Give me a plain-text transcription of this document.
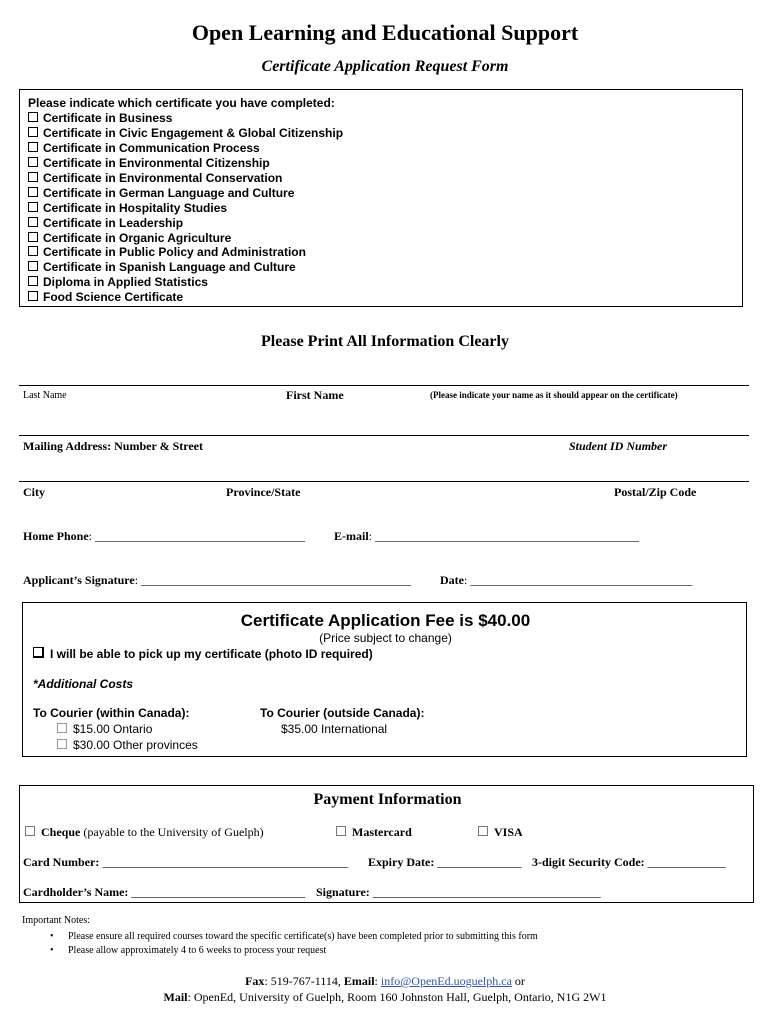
Open Learning and Educational Support
Certificate Application Request Form
Please indicate which certificate you have completed:
Certificate in Business
Certificate in Civic Engagement & Global Citizenship
Certificate in Communication Process
Certificate in Environmental Citizenship
Certificate in Environmental Conservation
Certificate in German Language and Culture
Certificate in Hospitality Studies
Certificate in Leadership
Certificate in Organic Agriculture
Certificate in Public Policy and Administration
Certificate in Spanish Language and Culture
Diploma in Applied Statistics
Food Science Certificate
Please Print All Information Clearly
Last Name	First Name	(Please indicate your name as it should appear on the certificate)
Mailing Address: Number & Street	Student ID Number
City	Province/State	Postal/Zip Code
Home Phone: ___________________________________ E-mail: ____________________________________________
Applicant’s Signature: _____________________________________________ Date: _____________________________________
Certificate Application Fee is $40.00
(Price subject to change)
I will be able to pick up my certificate (photo ID required)
*Additional Costs
To Courier (within Canada):
$15.00 Ontario
$30.00 Other provinces
To Courier (outside Canada):
$35.00 International
Payment Information
Cheque (payable to the University of Guelph)	Mastercard	VISA
Card Number: _________________________________________ Expiry Date: ______________ 3-digit Security Code: _____________
Cardholder’s Name: _____________________________ Signature: ______________________________________
Important Notes:
• Please ensure all required courses toward the specific certificate(s) have been completed prior to submitting this form
• Please allow approximately 4 to 6 weeks to process your request
Fax: 519-767-1114, Email: info@OpenEd.uoguelph.ca or
Mail: OpenEd, University of Guelph, Room 160 Johnston Hall, Guelph, Ontario, N1G 2W1
